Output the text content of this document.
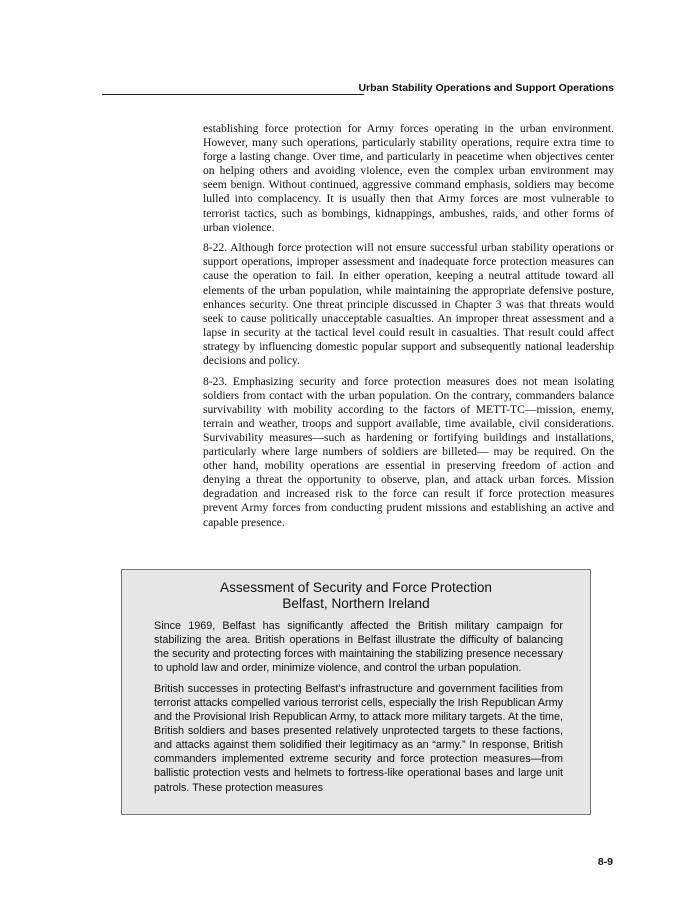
Urban Stability Operations and Support Operations

establishing force protection for Army forces operating in the urban environment. However, many such operations, particularly stability operations, require extra time to forge a lasting change. Over time, and particularly in peacetime when objectives center on helping others and avoiding violence, even the complex urban environment may seem benign. Without continued, aggressive command emphasis, soldiers may become lulled into complacency. It is usually then that Army forces are most vulnerable to terrorist tactics, such as bombings, kidnappings, ambushes, raids, and other forms of urban violence.

8-22. Although force protection will not ensure successful urban stability operations or support operations, improper assessment and inadequate force protection measures can cause the operation to fail. In either operation, keeping a neutral attitude toward all elements of the urban population, while maintaining the appropriate defensive posture, enhances security. One threat principle discussed in Chapter 3 was that threats would seek to cause politically unacceptable casualties. An improper threat assessment and a lapse in security at the tactical level could result in casualties. That result could affect strategy by influencing domestic popular support and subsequently national leadership decisions and policy.

8-23. Emphasizing security and force protection measures does not mean isolating soldiers from contact with the urban population. On the contrary, commanders balance survivability with mobility according to the factors of METT-TC—mission, enemy, terrain and weather, troops and support available, time available, civil considerations. Survivability measures—such as hardening or fortifying buildings and installations, particularly where large numbers of soldiers are billeted— may be required. On the other hand, mobility operations are essential in preserving freedom of action and denying a threat the opportunity to observe, plan, and attack urban forces. Mission degradation and increased risk to the force can result if force protection measures prevent Army forces from conducting prudent missions and establishing an active and capable presence.

Assessment of Security and Force Protection
Belfast, Northern Ireland

Since 1969, Belfast has significantly affected the British military campaign for stabilizing the area. British operations in Belfast illustrate the difficulty of balancing the security and protecting forces with maintaining the stabilizing presence necessary to uphold law and order, minimize violence, and control the urban population.

British successes in protecting Belfast’s infrastructure and government facilities from terrorist attacks compelled various terrorist cells, especially the Irish Republican Army and the Provisional Irish Republican Army, to attack more military targets. At the time, British soldiers and bases presented relatively unprotected targets to these factions, and attacks against them solidified their legitimacy as an “army.” In response, British commanders implemented extreme security and force protection measures—from ballistic protection vests and helmets to fortress-like operational bases and large unit patrols. These protection measures

8-9
